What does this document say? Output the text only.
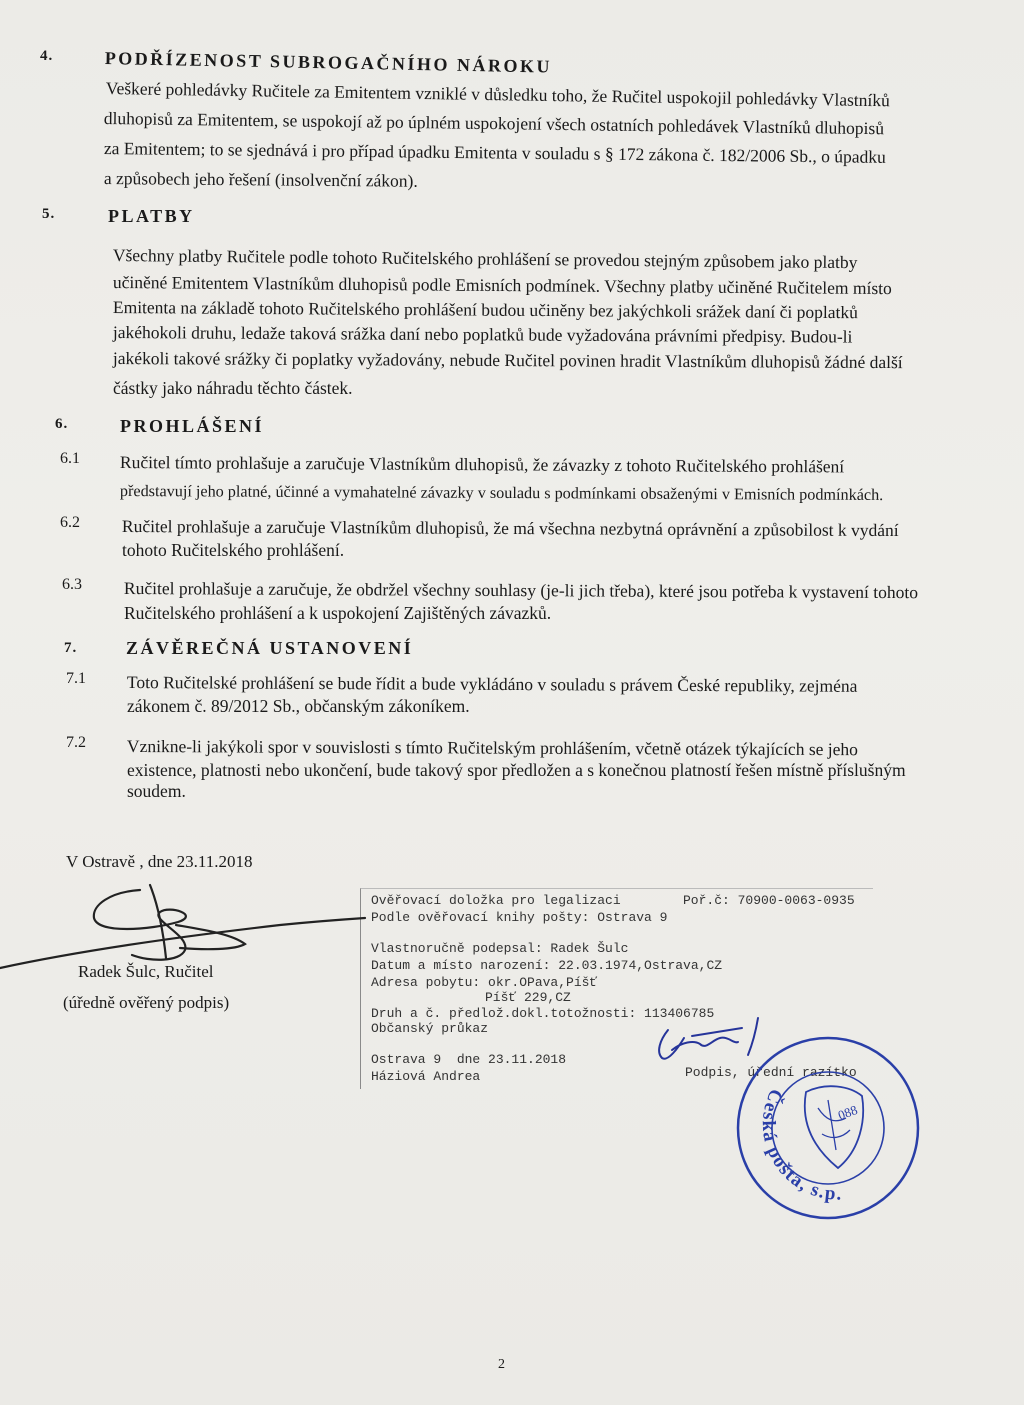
4.	PODŘÍZENOST SUBROGAČNÍHO NÁROKU
Veškeré pohledávky Ručitele za Emitentem vzniklé v důsledku toho, že Ručitel uspokojil pohledávky Vlastníků
dluhopisů za Emitentem, se uspokojí až po úplném uspokojení všech ostatních pohledávek Vlastníků dluhopisů
za Emitentem; to se sjednává i pro případ úpadku Emitenta v souladu s § 172 zákona č. 182/2006 Sb., o úpadku
a způsobech jeho řešení (insolvenční zákon).
5.	PLATBY
Všechny platby Ručitele podle tohoto Ručitelského prohlášení se provedou stejným způsobem jako platby
učiněné Emitentem Vlastníkům dluhopisů podle Emisních podmínek. Všechny platby učiněné Ručitelem místo
Emitenta na základě tohoto Ručitelského prohlášení budou učiněny bez jakýchkoli srážek daní či poplatků
jakéhokoli druhu, ledaže taková srážka daní nebo poplatků bude vyžadována právními předpisy. Budou-li
jakékoli takové srážky či poplatky vyžadovány, nebude Ručitel povinen hradit Vlastníkům dluhopisů žádné další
částky jako náhradu těchto částek.
6.	PROHLÁŠENÍ
6.1 Ručitel tímto prohlašuje a zaručuje Vlastníkům dluhopisů, že závazky z tohoto Ručitelského prohlášení
představují jeho platné, účinné a vymahatelné závazky v souladu s podmínkami obsaženými v Emisních podmínkách.
6.2 Ručitel prohlašuje a zaručuje Vlastníkům dluhopisů, že má všechna nezbytná oprávnění a způsobilost k vydání
tohoto Ručitelského prohlášení.
6.3 Ručitel prohlašuje a zaručuje, že obdržel všechny souhlasy (je-li jich třeba), které jsou potřeba k vystavení tohoto
Ručitelského prohlášení a k uspokojení Zajištěných závazků.
7.	ZÁVĚREČNÁ USTANOVENÍ
7.1 Toto Ručitelské prohlášení se bude řídit a bude vykládáno v souladu s právem České republiky, zejména
zákonem č. 89/2012 Sb., občanským zákoníkem.
7.2 Vznikne-li jakýkoli spor v souvislosti s tímto Ručitelským prohlášením, včetně otázek týkajících se jeho
existence, platnosti nebo ukončení, bude takový spor předložen a s konečnou platností řešen místně příslušným
soudem.
V Ostravě , dne 23.11.2018
Radek Šulc, Ručitel
(úředně ověřený podpis)
Ověřovací doložka pro legalizaci	Poř.č: 70900-0063-0935
Podle ověřovací knihy pošty: Ostrava 9
Vlastnoručně podepsal: Radek Šulc
Datum a místo narození: 22.03.1974,Ostrava,CZ
Adresa pobytu: okr.OPava,Píšť
Píšť 229,CZ
Druh a č. předlož.dokl.totožnosti: 113406785
Občanský průkaz
Ostrava 9  dne 23.11.2018
Háziová Andrea	Podpis, úřední razítko
088
Česká pošta, s.p.
2
